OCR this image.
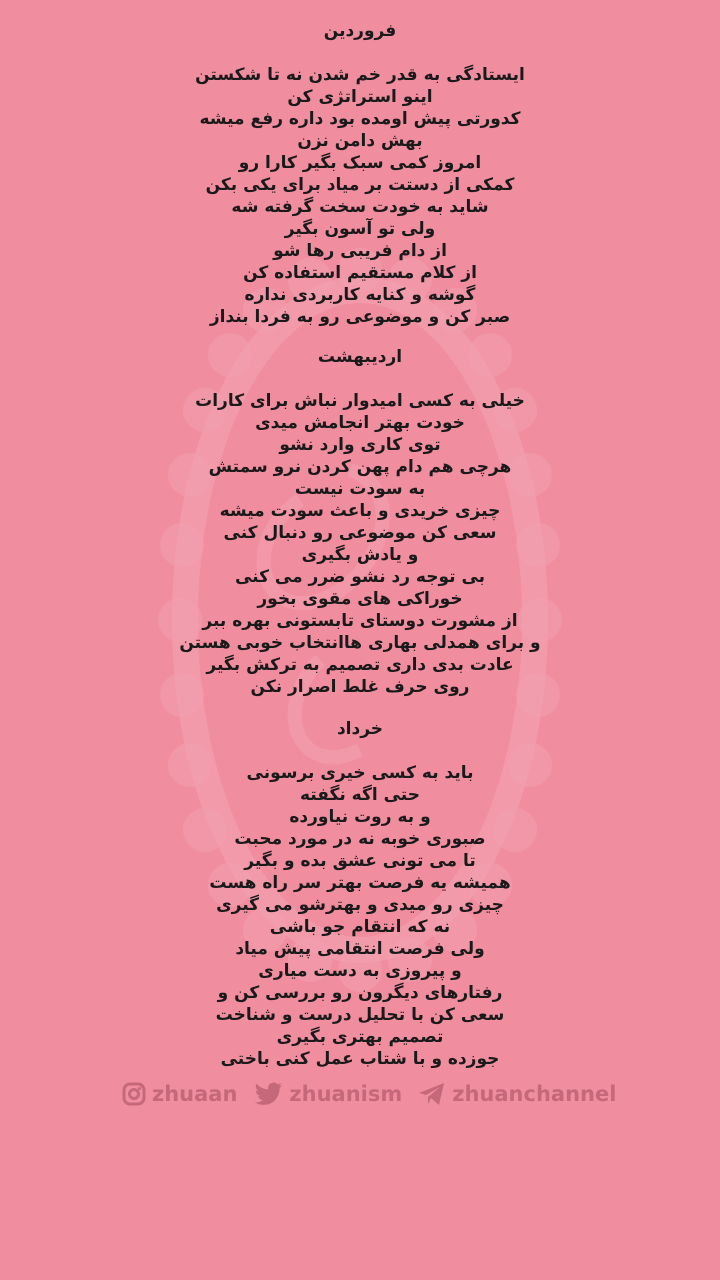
فروردین
ایستادگی به قدر خم شدن نه تا شکستن
اینو استراتژی کن
کدورتی پیش اومده بود داره رفع میشه
بهش دامن نزن
امروز کمی سبک بگیر کارا رو
کمکی از دستت بر میاد برای یکی بکن
شاید به خودت سخت گرفته شه
ولی تو آسون بگیر
از دام فریبی رها شو
از کلام مستقیم استفاده کن
گوشه و کنایه کاربردی نداره
صبر کن و موضوعی رو به فردا بنداز
اردیبهشت
خیلی به کسی امیدوار نباش برای کارات
خودت بهتر انجامش میدی
توی کاری وارد نشو
هرچی هم دام پهن کردن نرو سمتش
به سودت نیست
چیزی خریدی و باعث سودت میشه
سعی کن موضوعی رو دنبال کنی
و یادش بگیری
بی توجه رد نشو ضرر می کنی
خوراکی های مقوی بخور
از مشورت دوستای تابستونی بهره ببر
و برای همدلی بهاری هاانتخاب خوبی هستن
عادت بدی داری تصمیم به ترکش بگیر
روی حرف غلط اصرار نکن
خرداد
باید به کسی خیری برسونی
حتی اگه نگفته
و به روت نیاورده
صبوری خوبه نه در مورد محبت
تا می تونی عشق بده و بگیر
همیشه یه فرصت بهتر سر راه هست
چیزی رو میدی و بهترشو می گیری
نه که انتقام جو باشی
ولی فرصت انتقامی پیش میاد
و پیروزی به دست میاری
رفتارهای دیگرون رو بررسی کن و
سعی کن با تحلیل درست و شناخت
تصمیم بهتری بگیری
جوزده و با شتاب عمل کنی باختی
zhuaan zhuanism zhuanchannel
